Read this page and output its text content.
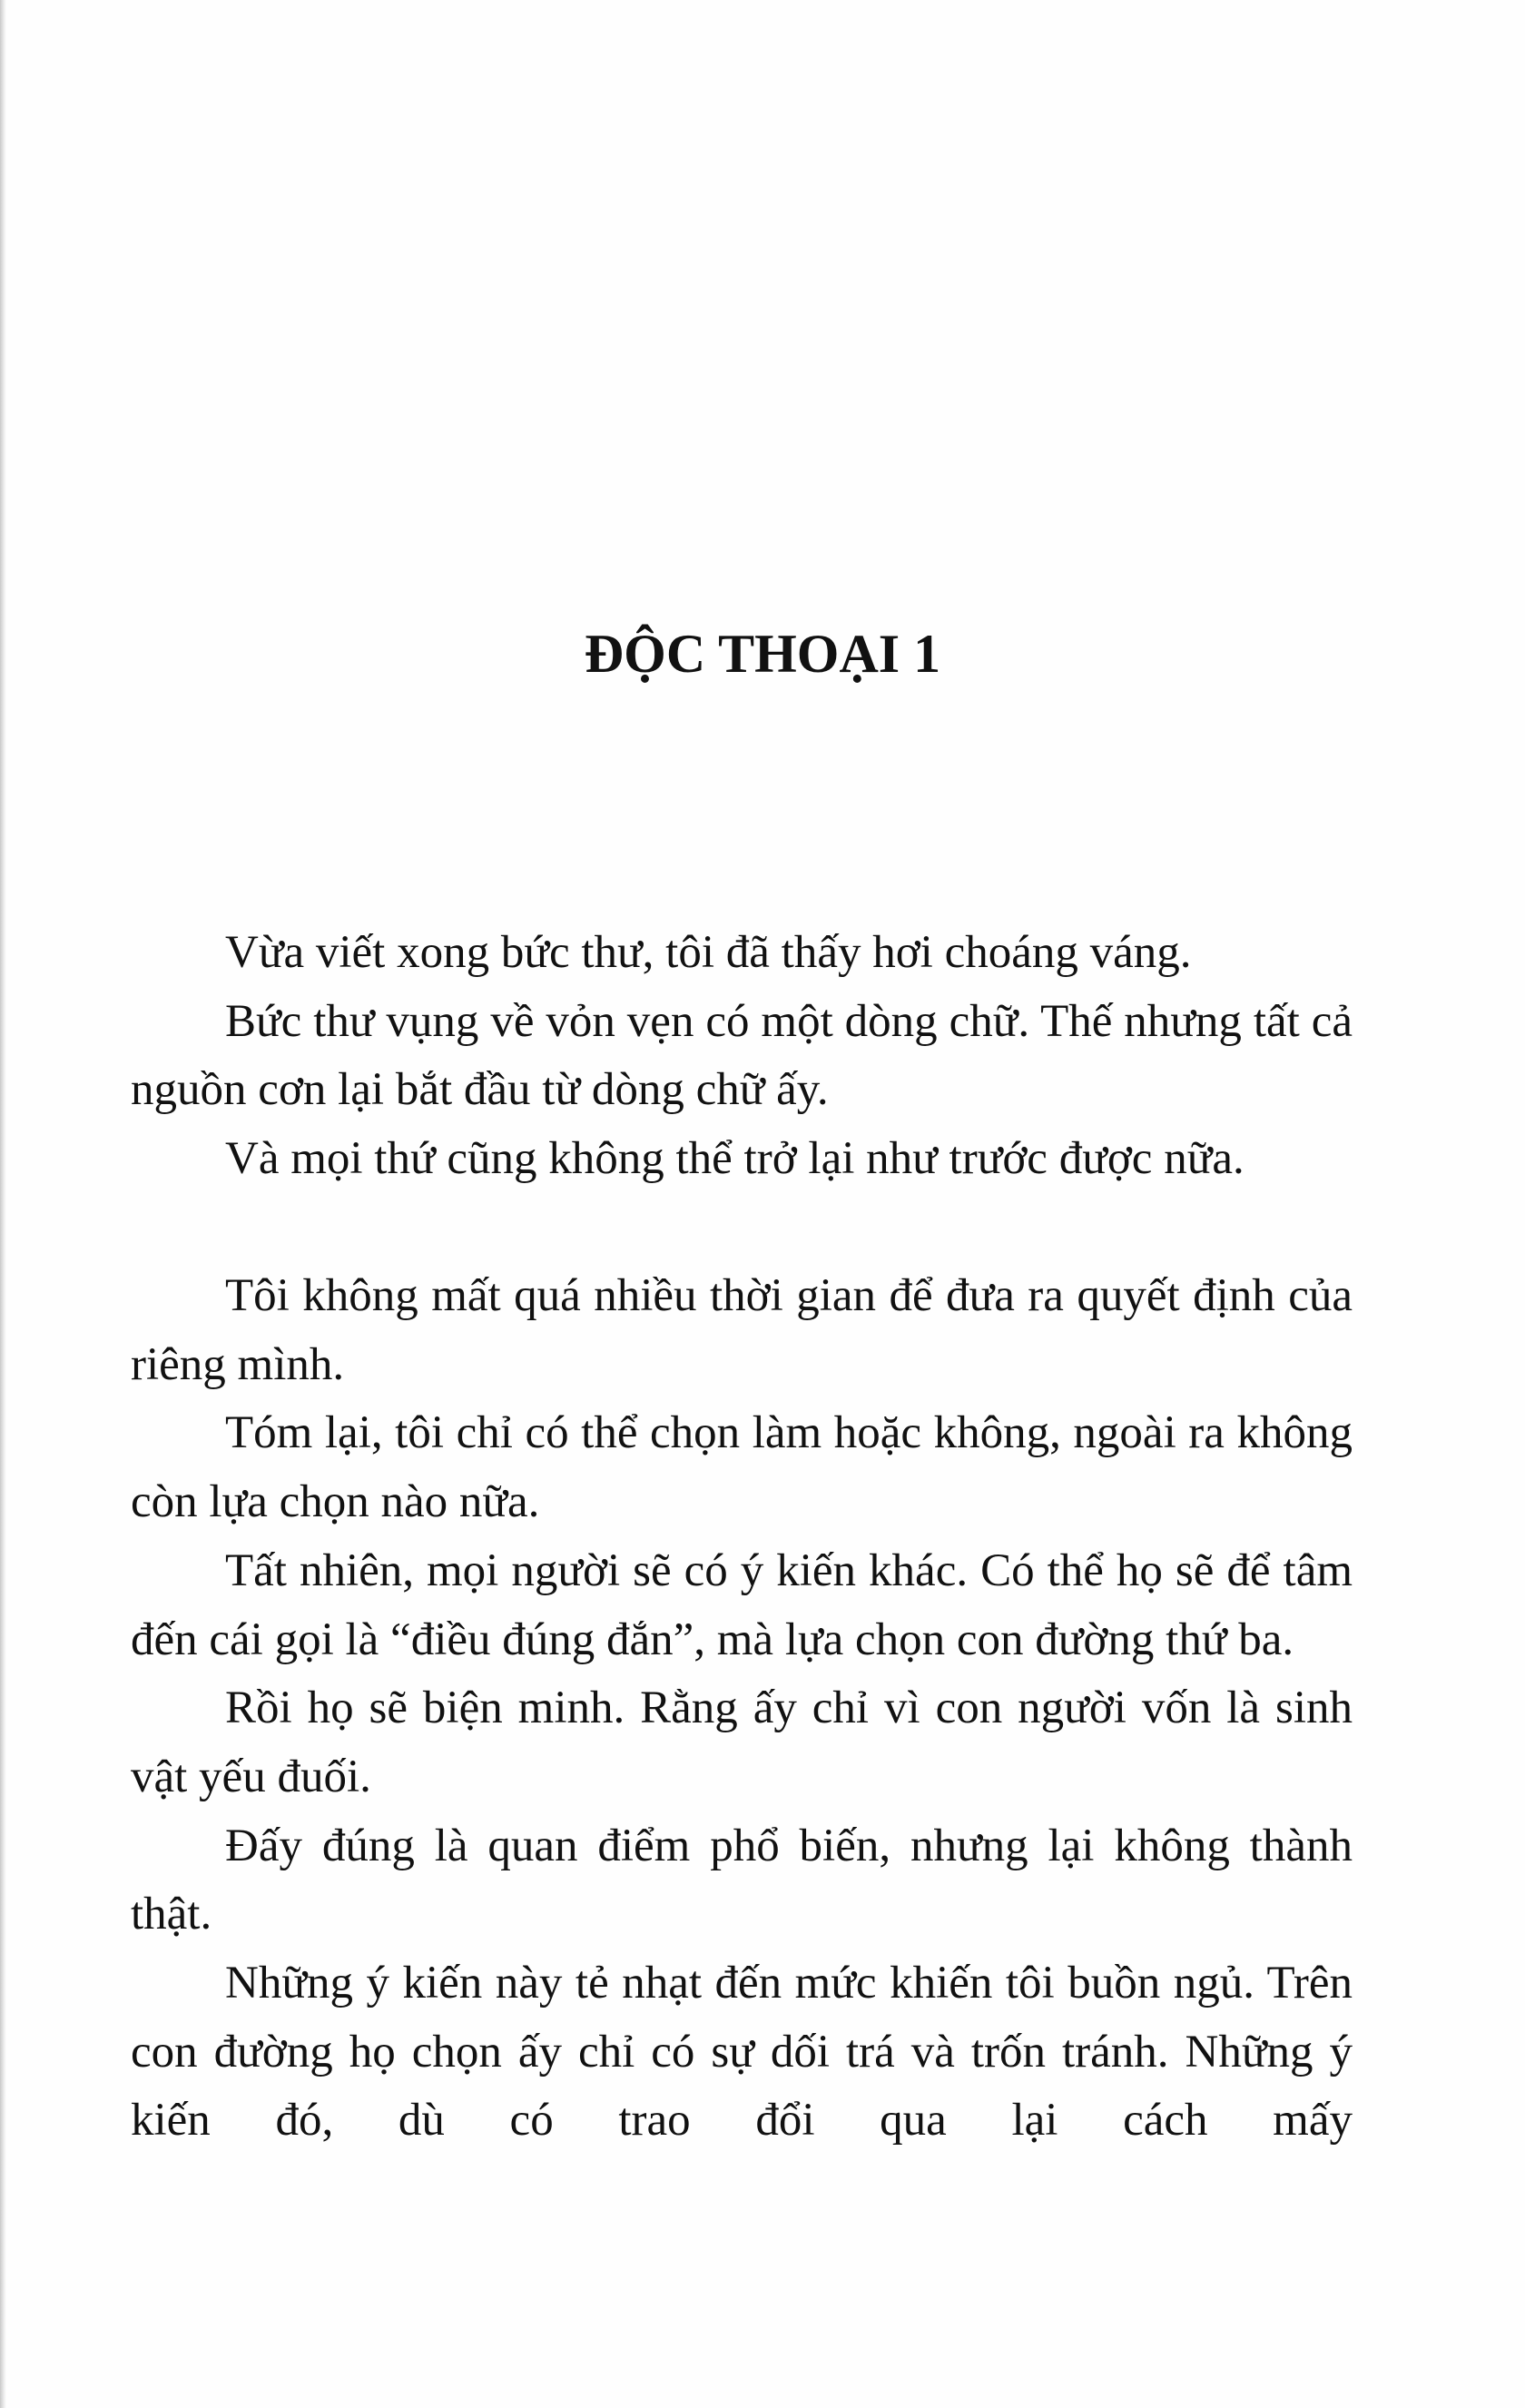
ĐỘC THOẠI 1

Vừa viết xong bức thư, tôi đã thấy hơi choáng váng.

Bức thư vụng về vỏn vẹn có một dòng chữ. Thế nhưng tất cả nguồn cơn lại bắt đầu từ dòng chữ ấy.

Và mọi thứ cũng không thể trở lại như trước được nữa.

Tôi không mất quá nhiều thời gian để đưa ra quyết định của riêng mình.

Tóm lại, tôi chỉ có thể chọn làm hoặc không, ngoài ra không còn lựa chọn nào nữa.

Tất nhiên, mọi người sẽ có ý kiến khác. Có thể họ sẽ để tâm đến cái gọi là “điều đúng đắn”, mà lựa chọn con đường thứ ba.

Rồi họ sẽ biện minh. Rằng ấy chỉ vì con người vốn là sinh vật yếu đuối.

Đấy đúng là quan điểm phổ biến, nhưng lại không thành thật.

Những ý kiến này tẻ nhạt đến mức khiến tôi buồn ngủ. Trên con đường họ chọn ấy chỉ có sự dối trá và trốn tránh. Những ý kiến đó, dù có trao đổi qua lại cách mấy
